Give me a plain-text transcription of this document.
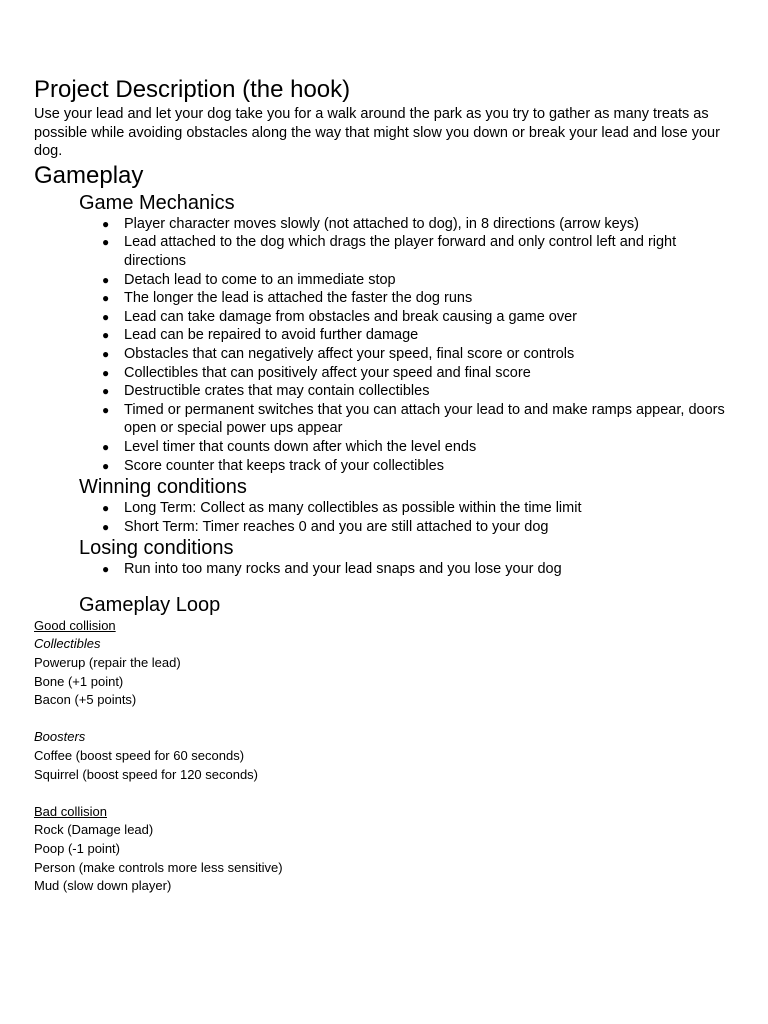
Project Description (the hook)

Use your lead and let your dog take you for a walk around the park as you try to gather as many treats as possible while avoiding obstacles along the way that might slow you down or break your lead and lose your dog.

Gameplay
Game Mechanics
● Player character moves slowly (not attached to dog), in 8 directions (arrow keys)
● Lead attached to the dog which drags the player forward and only control left and right directions
● Detach lead to come to an immediate stop
● The longer the lead is attached the faster the dog runs
● Lead can take damage from obstacles and break causing a game over
● Lead can be repaired to avoid further damage
● Obstacles that can negatively affect your speed, final score or controls
● Collectibles that can positively affect your speed and final score
● Destructible crates that may contain collectibles
● Timed or permanent switches that you can attach your lead to and make ramps appear, doors open or special power ups appear
● Level timer that counts down after which the level ends
● Score counter that keeps track of your collectibles
Winning conditions
● Long Term: Collect as many collectibles as possible within the time limit
● Short Term: Timer reaches 0 and you are still attached to your dog
Losing conditions
● Run into too many rocks and your lead snaps and you lose your dog
Gameplay Loop

Good collision

Collectibles

Powerup (repair the lead)

Bone (+1 point)

Bacon (+5 points)

Boosters

Coffee (boost speed for 60 seconds)

Squirrel (boost speed for 120 seconds)

Bad collision

Rock (Damage lead)

Poop (-1 point)

Person (make controls more less sensitive)

Mud (slow down player)
